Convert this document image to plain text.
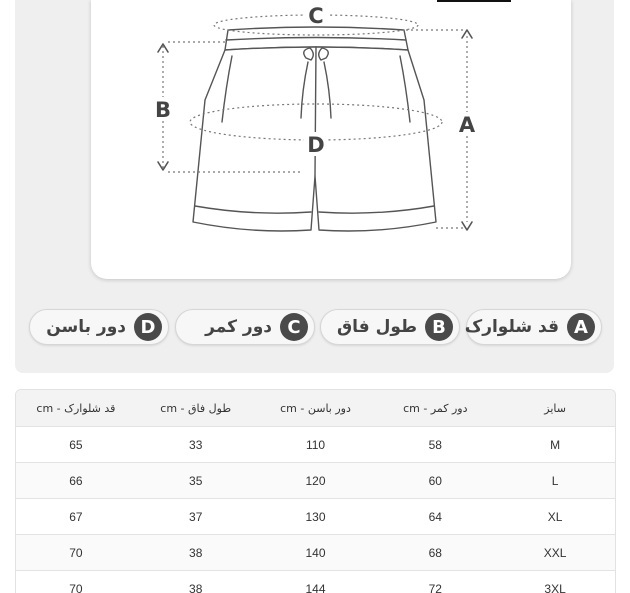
C
D
B
A
A
قد شلوارک
B
طول فاق
C
دور کمر
D
دور باسن
سایز	دور کمر - cm	دور باسن - cm	طول فاق - cm	قد شلوارک - cm
M	58	110	33	65
L	60	120	35	66
XL	64	130	37	67
XXL	68	140	38	70
3XL	72	144	38	70
